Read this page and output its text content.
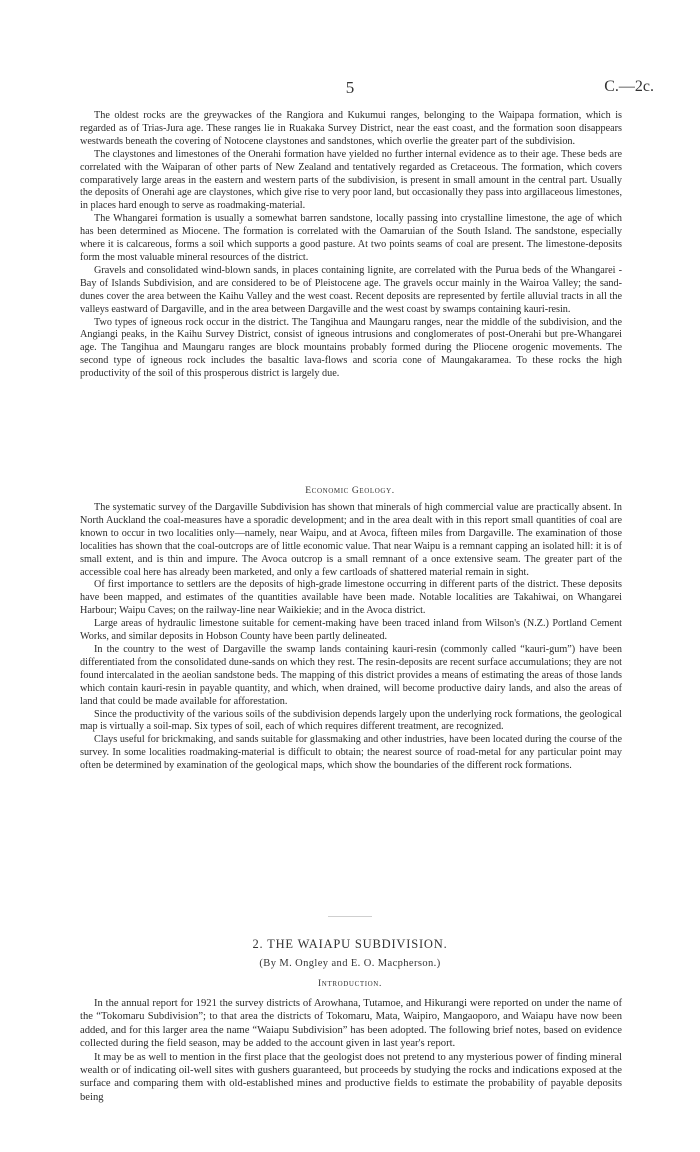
5	C.—2c.

The oldest rocks are the greywackes of the Rangiora and Kukumui ranges, belonging to the Waipapa formation, which is regarded as of Trias-Jura age. These ranges lie in Ruakaka Survey District, near the east coast, and the formation soon disappears westwards beneath the covering of Notocene claystones and sandstones, which overlie the greater part of the subdivision.

The claystones and limestones of the Onerahi formation have yielded no further internal evidence as to their age. These beds are correlated with the Waiparan of other parts of New Zealand and tentatively regarded as Cretaceous. The formation, which covers comparatively large areas in the eastern and western parts of the subdivision, is present in small amount in the central part. Usually the deposits of Onerahi age are claystones, which give rise to very poor land, but occasionally they pass into argillaceous limestones, in places hard enough to serve as roadmaking-material.

The Whangarei formation is usually a somewhat barren sandstone, locally passing into crystalline limestone, the age of which has been determined as Miocene. The formation is correlated with the Oamaruian of the South Island. The sandstone, especially where it is calcareous, forms a soil which supports a good pasture. At two points seams of coal are present. The limestone-deposits form the most valuable mineral resources of the district.

Gravels and consolidated wind-blown sands, in places containing lignite, are correlated with the Purua beds of the Whangarei - Bay of Islands Subdivision, and are considered to be of Pleistocene age. The gravels occur mainly in the Wairoa Valley; the sand-dunes cover the area between the Kaihu Valley and the west coast. Recent deposits are represented by fertile alluvial tracts in all the valleys eastward of Dargaville, and in the area between Dargaville and the west coast by swamps containing kauri-resin.

Two types of igneous rock occur in the district. The Tangihua and Maungaru ranges, near the middle of the subdivision, and the Angiangi peaks, in the Kaihu Survey District, consist of igneous intrusions and conglomerates of post-Onerahi but pre-Whangarei age. The Tangihua and Maungaru ranges are block mountains probably formed during the Pliocene orogenic movements. The second type of igneous rock includes the basaltic lava-flows and scoria cone of Maungakaramea. To these rocks the high productivity of the soil of this prosperous district is largely due.

Economic Geology.

The systematic survey of the Dargaville Subdivision has shown that minerals of high commercial value are practically absent. In North Auckland the coal-measures have a sporadic development; and in the area dealt with in this report small quantities of coal are known to occur in two localities only—namely, near Waipu, and at Avoca, fifteen miles from Dargaville. The examination of those localities has shown that the coal-outcrops are of little economic value. That near Waipu is a remnant capping an isolated hill: it is of small extent, and is thin and impure. The Avoca outcrop is a small remnant of a once extensive seam. The greater part of the accessible coal here has already been marketed, and only a few cartloads of shattered material remain in sight.

Of first importance to settlers are the deposits of high-grade limestone occurring in different parts of the district. These deposits have been mapped, and estimates of the quantities available have been made. Notable localities are Takahiwai, on Whangarei Harbour; Waipu Caves; on the railway-line near Waikiekie; and in the Avoca district.

Large areas of hydraulic limestone suitable for cement-making have been traced inland from Wilson's (N.Z.) Portland Cement Works, and similar deposits in Hobson County have been partly delineated.

In the country to the west of Dargaville the swamp lands containing kauri-resin (commonly called “kauri-gum”) have been differentiated from the consolidated dune-sands on which they rest. The resin-deposits are recent surface accumulations; they are not found intercalated in the aeolian sandstone beds. The mapping of this district provides a means of estimating the areas of those lands which contain kauri-resin in payable quantity, and which, when drained, will become productive dairy lands, and also the areas of land that could be made available for afforestation.

Since the productivity of the various soils of the subdivision depends largely upon the underlying rock formations, the geological map is virtually a soil-map. Six types of soil, each of which requires different treatment, are recognized.

Clays useful for brickmaking, and sands suitable for glassmaking and other industries, have been located during the course of the survey. In some localities roadmaking-material is difficult to obtain; the nearest source of road-metal for any particular point may often be determined by examination of the geological maps, which show the boundaries of the different rock formations.

2. THE WAIAPU SUBDIVISION.
(By M. Ongley and E. O. Macpherson.)
Introduction.

In the annual report for 1921 the survey districts of Arowhana, Tutamoe, and Hikurangi were reported on under the name of the “Tokomaru Subdivision”; to that area the districts of Tokomaru, Mata, Waipiro, Mangaoporo, and Waiapu have now been added, and for this larger area the name “Waiapu Subdivision” has been adopted. The following brief notes, based on evidence collected during the field season, may be added to the account given in last year's report.

It may be as well to mention in the first place that the geologist does not pretend to any mysterious power of finding mineral wealth or of indicating oil-well sites with gushers guaranteed, but proceeds by studying the rocks and indications exposed at the surface and comparing them with old-established mines and productive fields to estimate the probability of payable deposits being
